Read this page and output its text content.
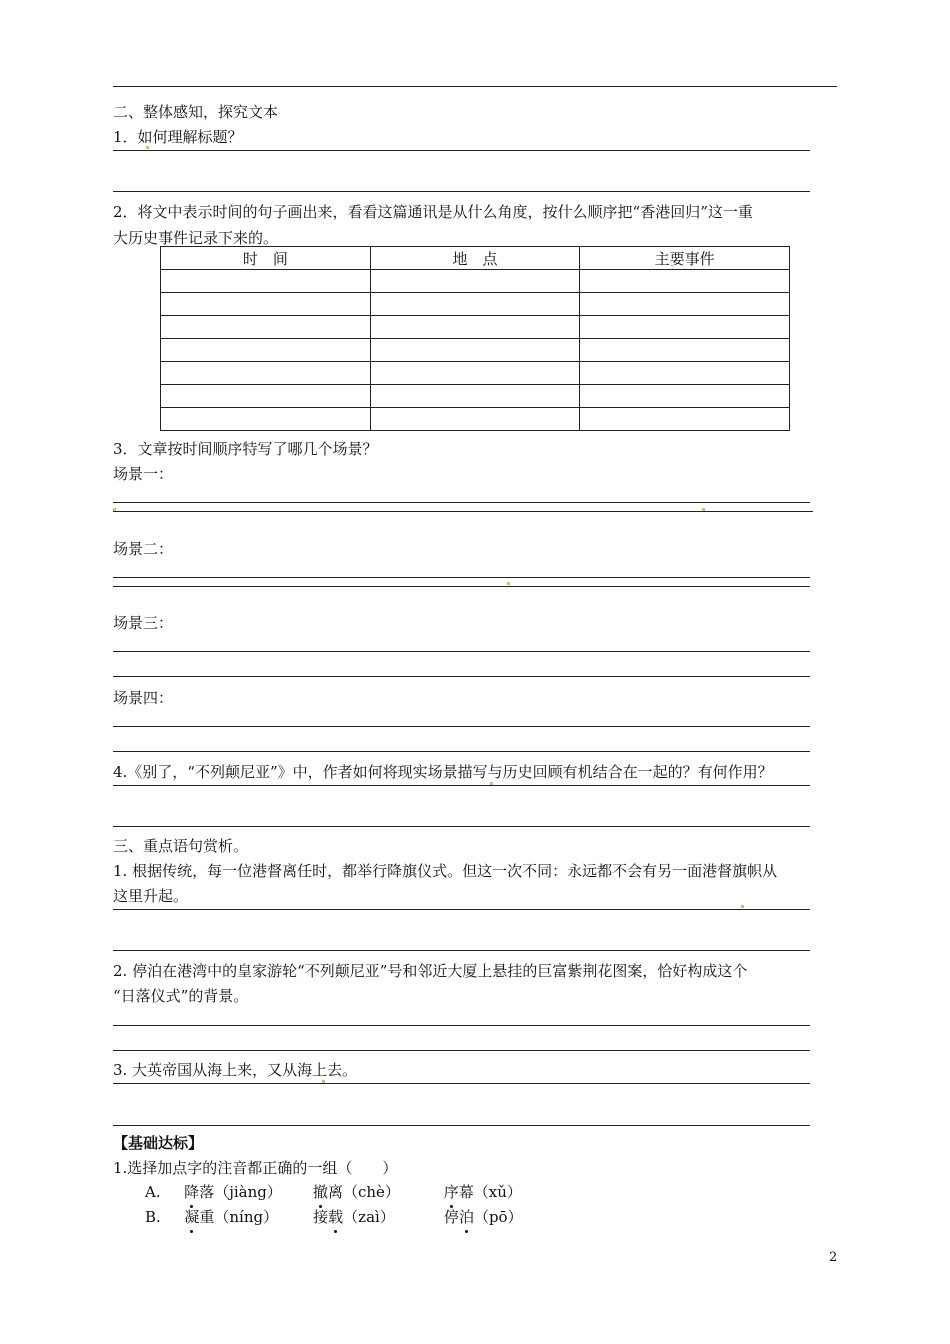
二、整体感知，探究文本
1．如何理解标题？
2．将文中表示时间的句子画出来，看看这篇通讯是从什么角度，按什么顺序把“香港回归”这一重
大历史事件记录下来的。
时　间	地　点	主要事件

3．文章按时间顺序特写了哪几个场景？
场景一：
场景二：
场景三：
场景四：
4.《别了，“不列颠尼亚”》中，作者如何将现实场景描写与历史回顾有机结合在一起的？有何作用？
三、重点语句赏析。
1. 根据传统，每一位港督离任时，都举行降旗仪式。但这一次不同：永远都不会有另一面港督旗帜从
这里升起。
2. 停泊在港湾中的皇家游轮“不列颠尼亚”号和邻近大厦上悬挂的巨富紫荆花图案，恰好构成这个
“日落仪式”的背景。
3. 大英帝国从海上来，又从海上去。
【基础达标】
1.选择加点字的注音都正确的一组（　　）
A. 降落（jiàng） 撤离（chè）	序幕（xǔ）
B. 凝重（níng） 接载（zaì）	停泊（pō）
2
